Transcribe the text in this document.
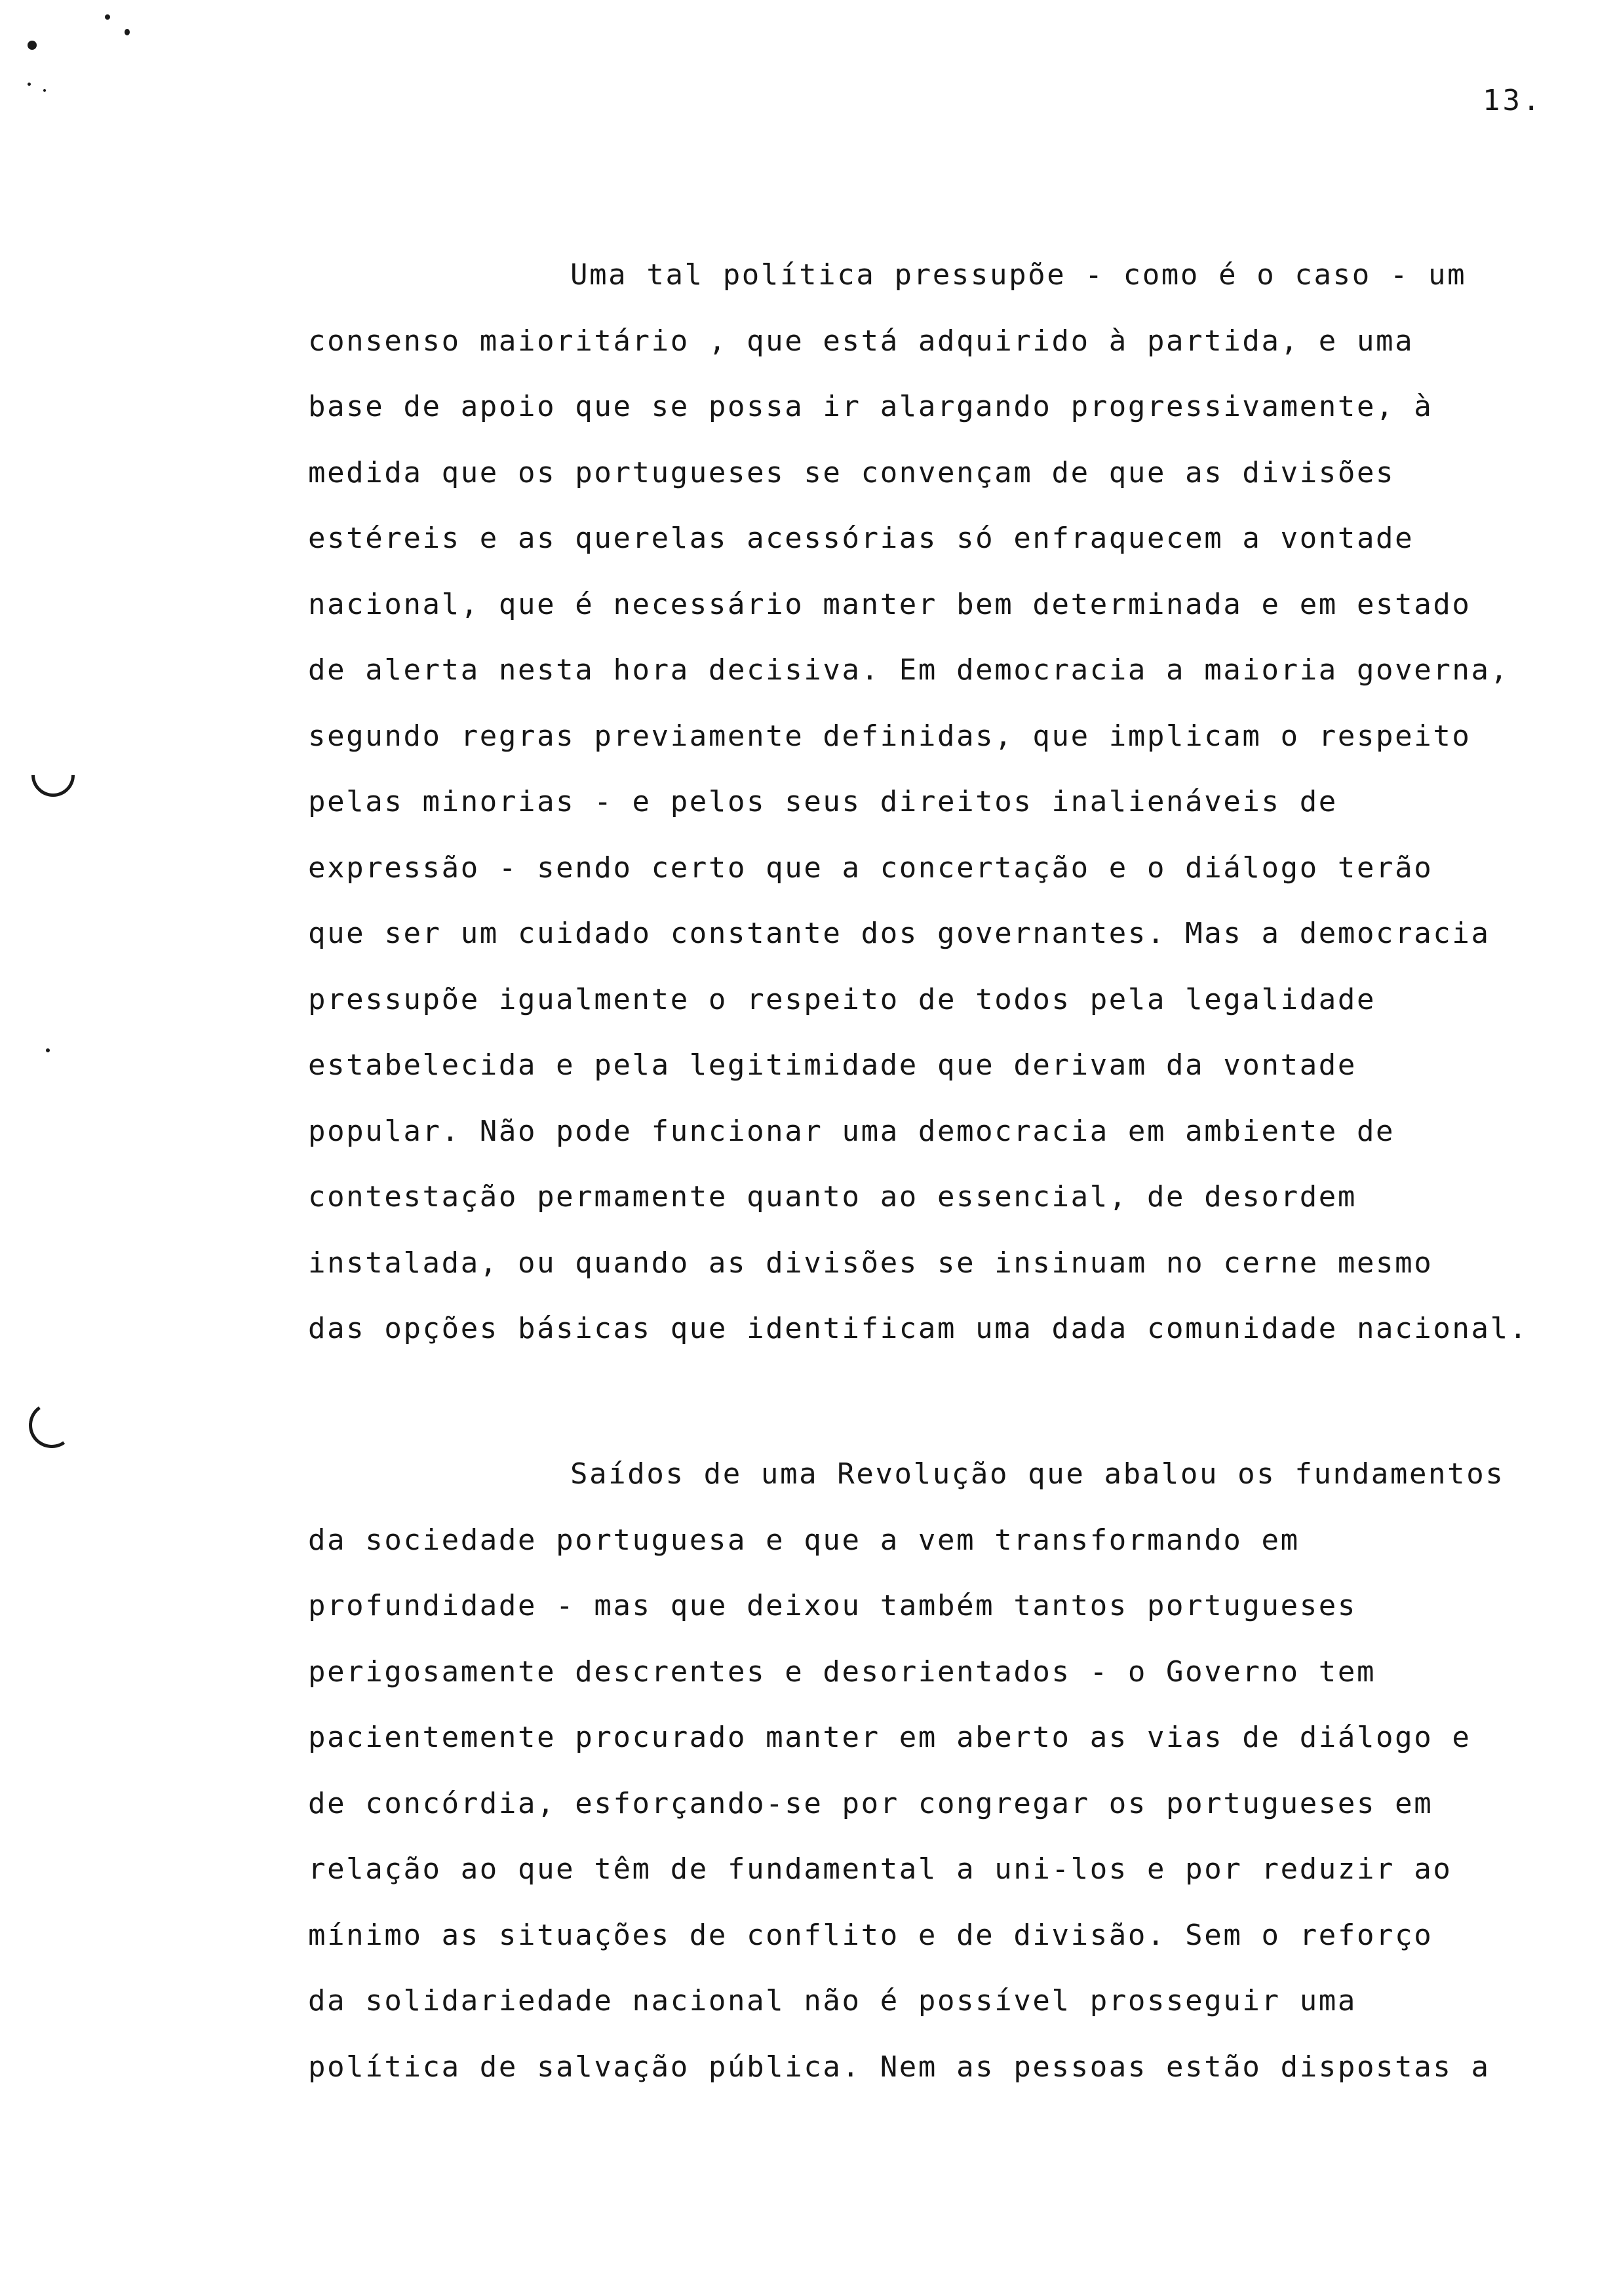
13.
Uma tal política pressupõe - como é o caso - um
consenso maioritário , que está adquirido à partida, e uma
base de apoio que se possa ir alargando progressivamente, à
medida que os portugueses se convençam de que as divisões
estéreis e as querelas acessórias só enfraquecem a vontade
nacional, que é necessário manter bem determinada e em estado
de alerta nesta hora decisiva. Em democracia a maioria governa,
segundo regras previamente definidas, que implicam o respeito
pelas minorias - e pelos seus direitos inalienáveis de
expressão - sendo certo que a concertação e o diálogo terão
que ser um cuidado constante dos governantes. Mas a democracia
pressupõe igualmente o respeito de todos pela legalidade
estabelecida e pela legitimidade que derivam da vontade
popular. Não pode funcionar uma democracia em ambiente de
contestação permamente quanto ao essencial, de desordem
instalada, ou quando as divisões se insinuam no cerne mesmo
das opções básicas que identificam uma dada comunidade nacional.
Saídos de uma Revolução que abalou os fundamentos
da sociedade portuguesa e que a vem transformando em
profundidade - mas que deixou também tantos portugueses
perigosamente descrentes e desorientados - o Governo tem
pacientemente procurado manter em aberto as vias de diálogo e
de concórdia, esforçando-se por congregar os portugueses em
relação ao que têm de fundamental a uni-los e por reduzir ao
mínimo as situações de conflito e de divisão. Sem o reforço
da solidariedade nacional não é possível prosseguir uma
política de salvação pública. Nem as pessoas estão dispostas a
